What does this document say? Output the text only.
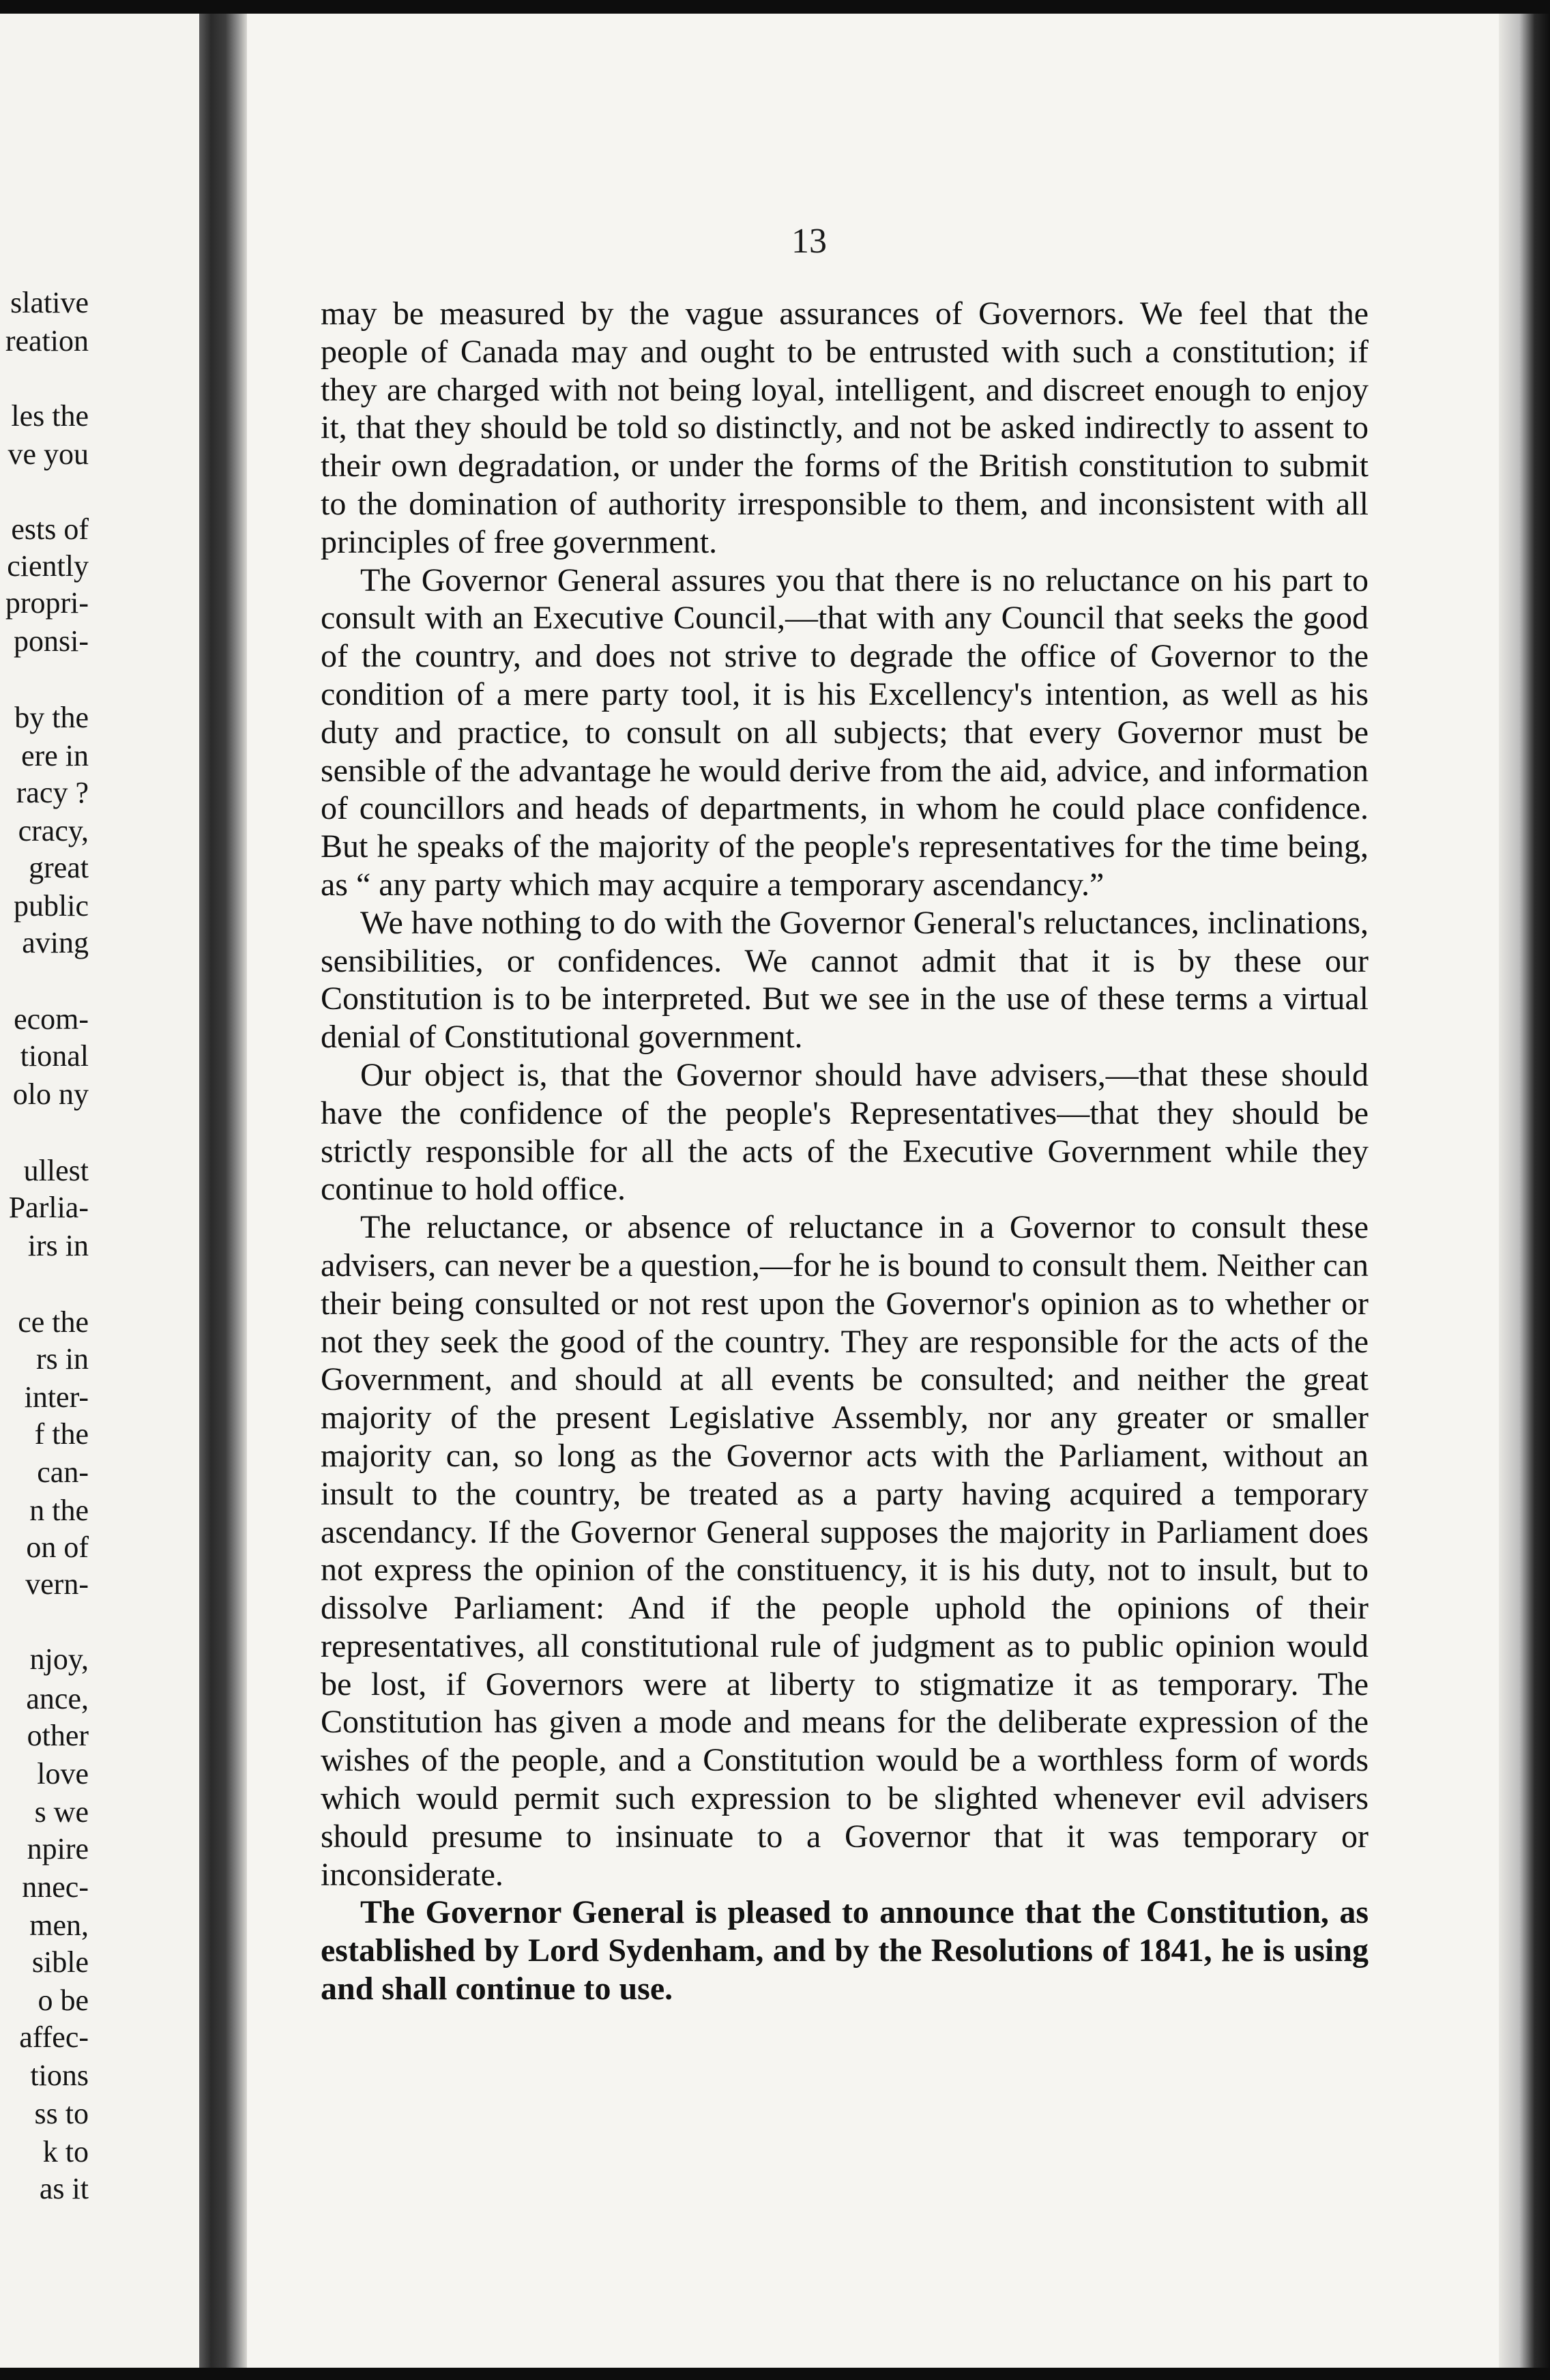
slative
reation
les the
ve you
ests of
ciently
propri-
ponsi-
by the
ere in
racy ?
cracy,
great
public
aving
ecom-
tional
olo ny
ullest
Parlia-
irs in
ce the
rs in
inter-
f the
can-
n the
on of
vern-
njoy,
ance,
other
love
s we
npire
nnec-
men,
sible
o be
affec-
tions
ss to
k to
as it
13

may be measured by the vague assurances of Governors. We feel that the people of Canada may and ought to be entrusted with such a constitution; if they are charged with not being loyal, intelligent, and discreet enough to enjoy it, that they should be told so distinctly, and not be asked indirectly to assent to their own degradation, or under the forms of the British constitution to submit to the domination of authority irresponsible to them, and inconsistent with all principles of free government.

The Governor General assures you that there is no reluctance on his part to consult with an Executive Council,—that with any Council that seeks the good of the country, and does not strive to degrade the office of Governor to the condition of a mere party tool, it is his Excellency's intention, as well as his duty and practice, to consult on all subjects; that every Governor must be sensible of the advantage he would derive from the aid, advice, and information of councillors and heads of departments, in whom he could place confidence. But he speaks of the majority of the people's representatives for the time being, as “ any party which may acquire a temporary ascendancy.”

We have nothing to do with the Governor General's reluctances, inclinations, sensibilities, or confidences. We cannot admit that it is by these our Constitution is to be interpreted. But we see in the use of these terms a virtual denial of Constitutional government.

Our object is, that the Governor should have advisers,—that these should have the confidence of the people's Representatives—that they should be strictly responsible for all the acts of the Executive Government while they continue to hold office.

The reluctance, or absence of reluctance in a Governor to consult these advisers, can never be a question,—for he is bound to consult them. Neither can their being consulted or not rest upon the Governor's opinion as to whether or not they seek the good of the country. They are responsible for the acts of the Government, and should at all events be consulted; and neither the great majority of the present Legislative Assembly, nor any greater or smaller majority can, so long as the Governor acts with the Parliament, without an insult to the country, be treated as a party having acquired a temporary ascendancy. If the Governor General supposes the majority in Parliament does not express the opinion of the constituency, it is his duty, not to insult, but to dissolve Parliament: And if the people uphold the opinions of their representatives, all constitutional rule of judgment as to public opinion would be lost, if Governors were at liberty to stigmatize it as temporary. The Constitution has given a mode and means for the deliberate expression of the wishes of the people, and a Constitution would be a worthless form of words which would permit such expression to be slighted whenever evil advisers should presume to insinuate to a Governor that it was temporary or inconsiderate.

The Governor General is pleased to announce that the Constitution, as established by Lord Sydenham, and by the Resolutions of 1841, he is using and shall continue to use.
